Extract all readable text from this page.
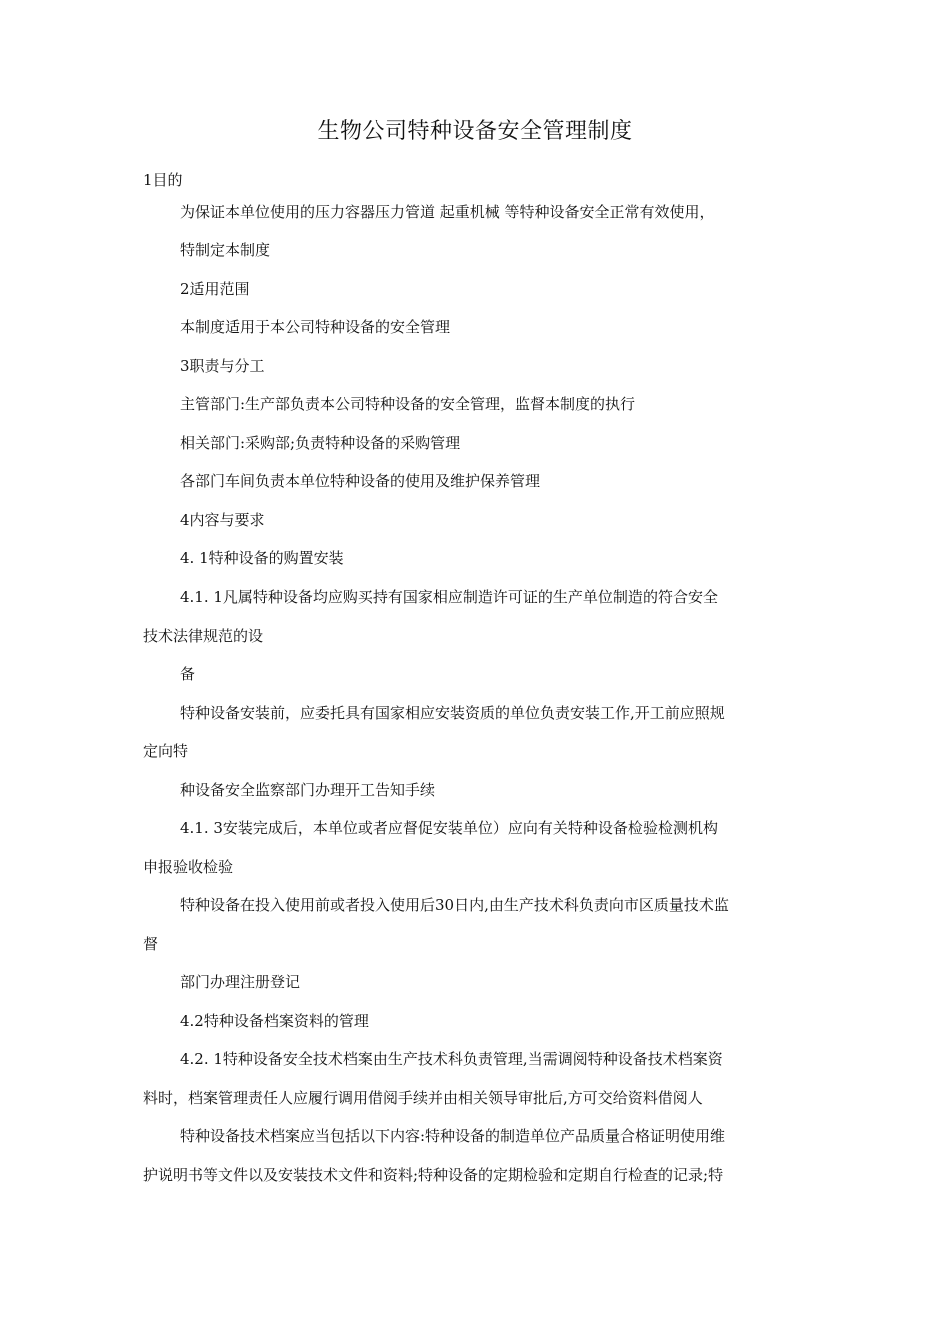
生物公司特种设备安全管理制度
1目的
为保证本单位使用的压力容器压力管道 起重机械 等特种设备安全正常有效使用，
特制定本制度
2适用范围
本制度适用于本公司特种设备的安全管理
3职责与分工
主管部门:生产部负责本公司特种设备的安全管理，监督本制度的执行
相关部门:采购部;负责特种设备的采购管理
各部门车间负责本单位特种设备的使用及维护保养管理
4内容与要求
4. 1特种设备的购置安装
4.1. 1凡属特种设备均应购买持有国家相应制造许可证的生产单位制造的符合安全
技术法律规范的设
备
特种设备安装前，应委托具有国家相应安装资质的单位负责安装工作,开工前应照规
定向特
种设备安全监察部门办理开工告知手续
4.1. 3安装完成后，本单位或者应督促安装单位）应向有关特种设备检验检测机构
申报验收检验
特种设备在投入使用前或者投入使用后30日内,由生产技术科负责向市区质量技术监
督
部门办理注册登记
4.2特种设备档案资料的管理
4.2. 1特种设备安全技术档案由生产技术科负责管理,当需调阅特种设备技术档案资
料时，档案管理责任人应履行调用借阅手续并由相关领导审批后,方可交给资料借阅人
特种设备技术档案应当包括以下内容:特种设备的制造单位产品质量合格证明使用维
护说明书等文件以及安装技术文件和资料;特种设备的定期检验和定期自行检查的记录;特
